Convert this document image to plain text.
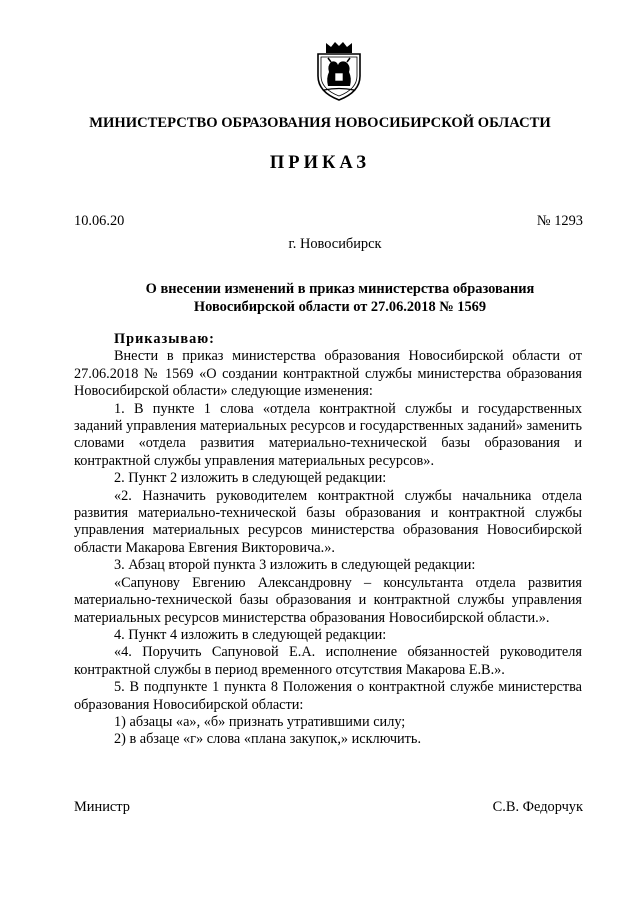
МИНИСТЕРСТВО ОБРАЗОВАНИЯ НОВОСИБИРСКОЙ ОБЛАСТИ
ПРИКАЗ
10.06.20	№ 1293
г. Новосибирск
О внесении изменений в приказ министерства образования
Новосибирской области от 27.06.2018 № 1569

Приказываю:

Внести в приказ министерства образования Новосибирской области от 27.06.2018 № 1569 «О создании контрактной службы министерства образования Новосибирской области» следующие изменения:

1. В пункте 1 слова «отдела контрактной службы и государственных заданий управления материальных ресурсов и государственных заданий» заменить словами «отдела развития материально-технической базы образования и контрактной службы управления материальных ресурсов».

2. Пункт 2 изложить в следующей редакции:

«2. Назначить руководителем контрактной службы начальника отдела развития материально-технической базы образования и контрактной службы управления материальных ресурсов министерства образования Новосибирской области Макарова Евгения Викторовича.».

3. Абзац второй пункта 3 изложить в следующей редакции:

«Сапунову Евгению Александровну – консультанта отдела развития материально-технической базы образования и контрактной службы управления материальных ресурсов министерства образования Новосибирской области.».

4. Пункт 4 изложить в следующей редакции:

«4. Поручить Сапуновой Е.А. исполнение обязанностей руководителя контрактной службы в период временного отсутствия Макарова Е.В.».

5. В подпункте 1 пункта 8 Положения о контрактной службе министерства образования Новосибирской области:

1) абзацы «а», «б» признать утратившими силу;

2) в абзаце «г» слова «плана закупок,» исключить.

Министр	С.В. Федорчук
